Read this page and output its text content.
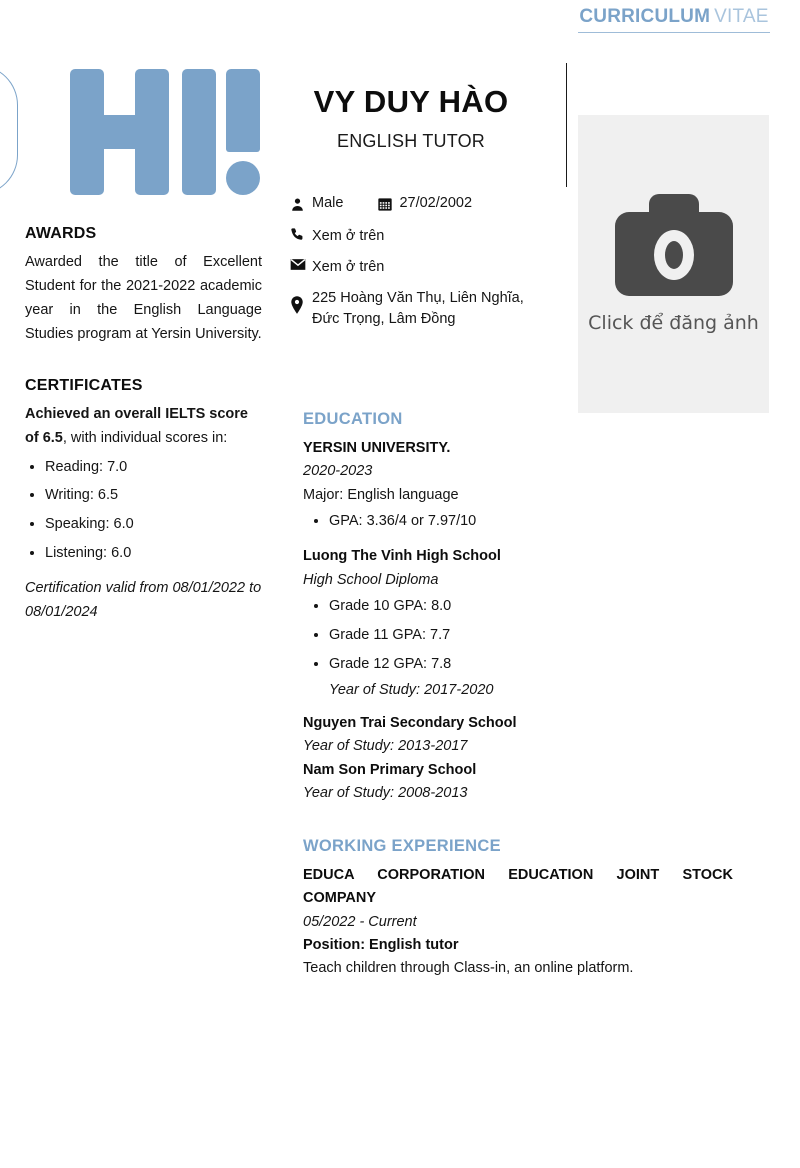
CURRICULUM VITAE
VY DUY HÀO
ENGLISH TUTOR
Male	27/02/2002
Xem ở trên
Xem ở trên
225 Hoàng Văn Thụ, Liên Nghĩa, Đức Trọng, Lâm Đồng	Click để đăng ảnh
AWARDS
Awarded the title of Excellent Student for the 2021-2022 academic year in the English Language Studies program at Yersin University.
CERTIFICATES
Achieved an overall IELTS score of 6.5, with individual scores in:
• Reading: 7.0
• Writing: 6.5
• Speaking: 6.0
• Listening: 6.0
Certification valid from 08/01/2022 to 08/01/2024
EDUCATION
YERSIN UNIVERSITY.
2020-2023
Major: English language
• GPA: 3.36/4 or 7.97/10
Luong The Vinh High School
High School Diploma
• Grade 10 GPA: 8.0
• Grade 11 GPA: 7.7
• Grade 12 GPA: 7.8
Year of Study: 2017-2020
Nguyen Trai Secondary School
Year of Study: 2013-2017
Nam Son Primary School
Year of Study: 2008-2013
WORKING EXPERIENCE
EDUCA CORPORATION EDUCATION JOINT STOCK COMPANY
05/2022 - Current
Position: English tutor
Teach children through Class-in, an online platform.
